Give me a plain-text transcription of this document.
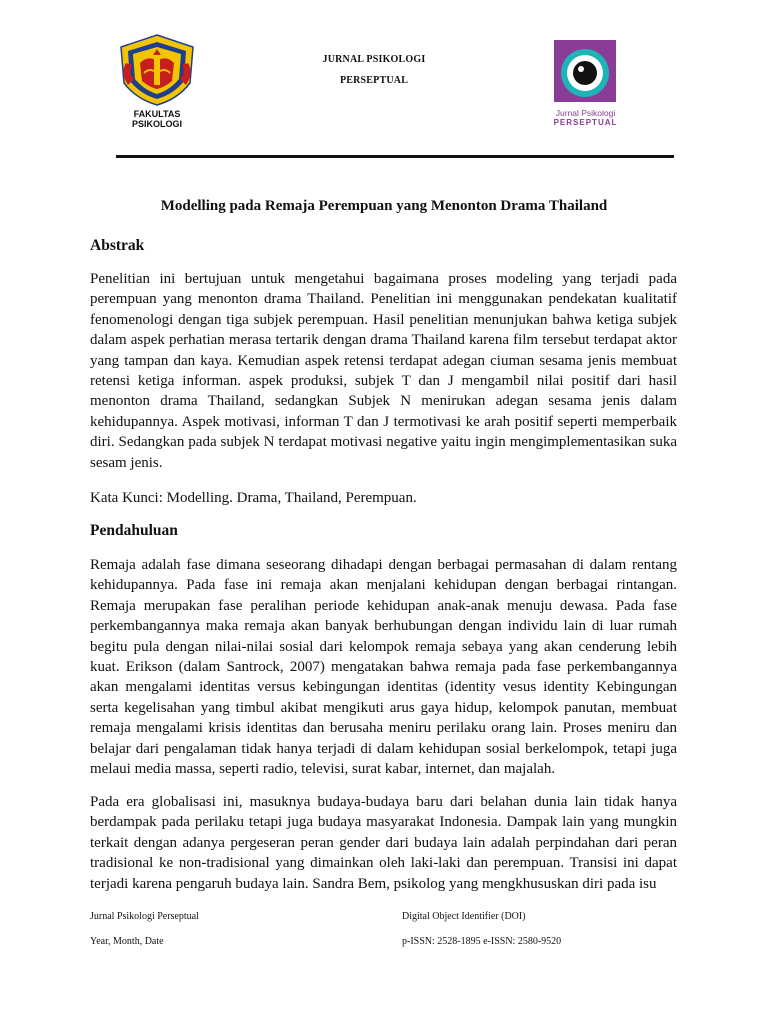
FAKULTAS
PSIKOLOGI
JURNAL PSIKOLOGI
PERSEPTUAL
Jurnal Psikologi
PERSEPTUAL
Modelling pada Remaja Perempuan yang Menonton Drama Thailand
Abstrak

Penelitian ini bertujuan untuk mengetahui bagaimana proses modeling yang terjadi pada perempuan yang menonton drama Thailand. Penelitian ini menggunakan pendekatan kualitatif fenomenologi dengan tiga subjek perempuan. Hasil penelitian menunjukan bahwa ketiga subjek dalam aspek perhatian merasa tertarik dengan drama Thailand karena film tersebut terdapat aktor yang tampan dan kaya. Kemudian aspek retensi terdapat adegan ciuman sesama jenis membuat retensi ketiga informan. aspek produksi, subjek T dan J mengambil nilai positif dari hasil menonton drama Thailand, sedangkan Subjek N menirukan adegan sesama jenis dalam kehidupannya. Aspek motivasi, informan T dan J termotivasi ke arah positif seperti memperbaik diri. Sedangkan pada subjek N terdapat motivasi negative yaitu ingin mengimplementasikan suka sesam jenis.

Kata Kunci: Modelling. Drama, Thailand, Perempuan.

Pendahuluan

Remaja adalah fase dimana seseorang dihadapi dengan berbagai permasahan di dalam rentang kehidupannya. Pada fase ini remaja akan menjalani kehidupan dengan berbagai rintangan. Remaja merupakan fase peralihan periode kehidupan anak-anak menuju dewasa. Pada fase perkembangannya maka remaja akan banyak berhubungan dengan individu lain di luar rumah begitu pula dengan nilai-nilai sosial dari kelompok remaja sebaya yang akan cenderung lebih kuat. Erikson (dalam Santrock, 2007) mengatakan bahwa remaja pada fase perkembangannya akan mengalami identitas versus kebingungan identitas (identity vesus identity Kebingungan serta kegelisahan yang timbul akibat mengikuti arus gaya hidup, kelompok panutan, membuat remaja mengalami krisis identitas dan berusaha meniru perilaku orang lain. Proses meniru dan belajar dari pengalaman tidak hanya terjadi di dalam kehidupan sosial berkelompok, tetapi juga melaui media massa, seperti radio, televisi, surat kabar, internet, dan majalah.

Pada era globalisasi ini, masuknya budaya-budaya baru dari belahan dunia lain tidak hanya berdampak pada perilaku tetapi juga budaya masyarakat Indonesia. Dampak lain yang mungkin terkait dengan adanya pergeseran peran gender dari budaya lain adalah perpindahan dari peran tradisional ke non-tradisional yang dimainkan oleh laki-laki dan perempuan. Transisi ini dapat terjadi karena pengaruh budaya lain. Sandra Bem, psikolog yang mengkhususkan diri pada isu

Jurnal Psikologi Perseptual
Year, Month, Date
Digital Object Identifier (DOI)
p-ISSN: 2528-1895 e-ISSN: 2580-9520
